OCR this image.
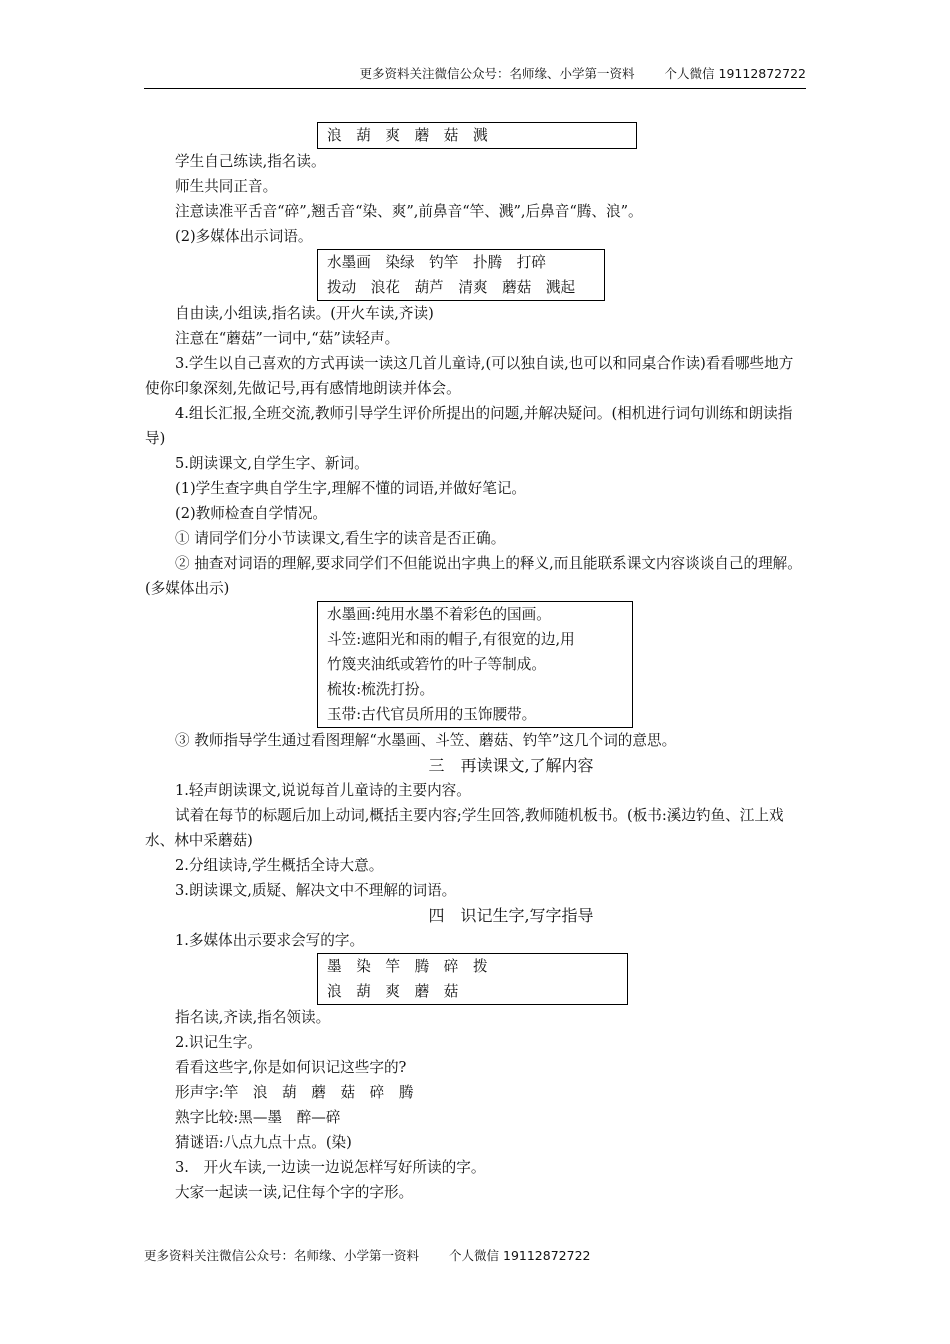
更多资料关注微信公众号：名师缘、小学第一资料 个人微信 19112872722
浪　葫　爽　蘑　菇　溅
学生自己练读,指名读。
师生共同正音。
注意读准平舌音“碎”,翘舌音“染、爽”,前鼻音“竿、溅”,后鼻音“腾、浪”。
(2)多媒体出示词语。
水墨画　染绿　钓竿　扑腾　打碎
拨动　浪花　葫芦　清爽　蘑菇　溅起
自由读,小组读,指名读。(开火车读,齐读)
注意在“蘑菇”一词中,“菇”读轻声。
3.学生以自己喜欢的方式再读一读这几首儿童诗,(可以独自读,也可以和同桌合作读)看看哪些地方使你印象深刻,先做记号,再有感情地朗读并体会。
4.组长汇报,全班交流,教师引导学生评价所提出的问题,并解决疑问。(相机进行词句训练和朗读指导)
5.朗读课文,自学生字、新词。
(1)学生查字典自学生字,理解不懂的词语,并做好笔记。
(2)教师检查自学情况。
① 请同学们分小节读课文,看生字的读音是否正确。
② 抽查对词语的理解,要求同学们不但能说出字典上的释义,而且能联系课文内容谈谈自己的理解。(多媒体出示)
水墨画:纯用水墨不着彩色的国画。
斗笠:遮阳光和雨的帽子,有很宽的边,用
竹篾夹油纸或箬竹的叶子等制成。
梳妆:梳洗打扮。
玉带:古代官员所用的玉饰腰带。
③ 教师指导学生通过看图理解“水墨画、斗笠、蘑菇、钓竿”这几个词的意思。
三　再读课文,了解内容
1.轻声朗读课文,说说每首儿童诗的主要内容。
试着在每节的标题后加上动词,概括主要内容;学生回答,教师随机板书。(板书:溪边钓鱼、江上戏水、林中采蘑菇)
2.分组读诗,学生概括全诗大意。
3.朗读课文,质疑、解决文中不理解的词语。
四　识记生字,写字指导
1.多媒体出示要求会写的字。
墨　染　竿　腾　碎　拨
浪　葫　爽　蘑　菇
指名读,齐读,指名领读。
2.识记生字。
看看这些字,你是如何识记这些字的?
形声字:竿　浪　葫　蘑　菇　碎　腾
熟字比较:黑—墨　醉—碎
猜谜语:八点九点十点。(染)
3.　开火车读,一边读一边说怎样写好所读的字。
大家一起读一读,记住每个字的字形。
更多资料关注微信公众号：名师缘、小学第一资料 个人微信 19112872722
